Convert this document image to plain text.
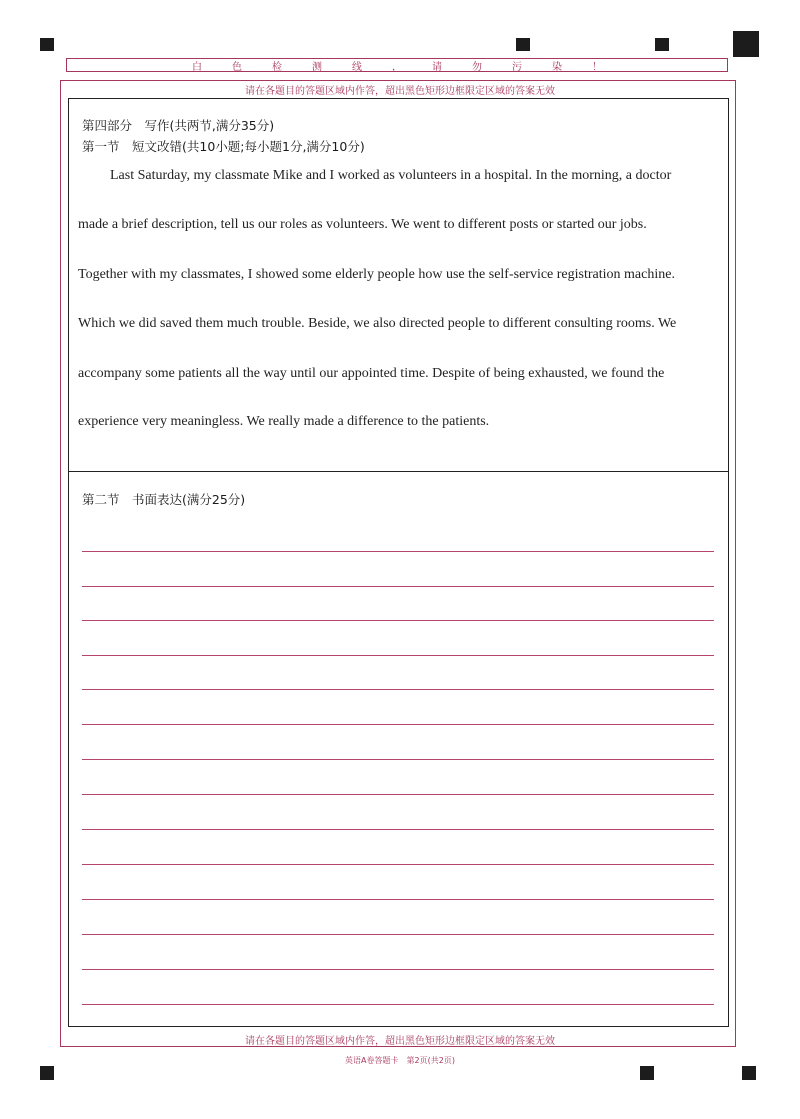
白色检测线，请勿污染！
请在各题目的答题区域内作答，超出黑色矩形边框限定区域的答案无效
请在各题目的答题区域内作答，超出黑色矩形边框限定区域的答案无效
第四部分　写作(共两节,满分35分)
第一节　短文改错(共10小题;每小题1分,满分10分)
Last Saturday, my classmate Mike and I worked as volunteers in a hospital. In the morning, a doctor
made a brief description, tell us our roles as volunteers. We went to different posts or started our jobs.
Together with my classmates, I showed some elderly people how use the self-service registration machine.
Which we did saved them much trouble. Beside, we also directed people to different consulting rooms. We
accompany some patients all the way until our appointed time. Despite of being exhausted, we found the
experience very meaningless. We really made a difference to the patients.
第二节　书面表达(满分25分)
英语A卷答题卡　第2页(共2页)
